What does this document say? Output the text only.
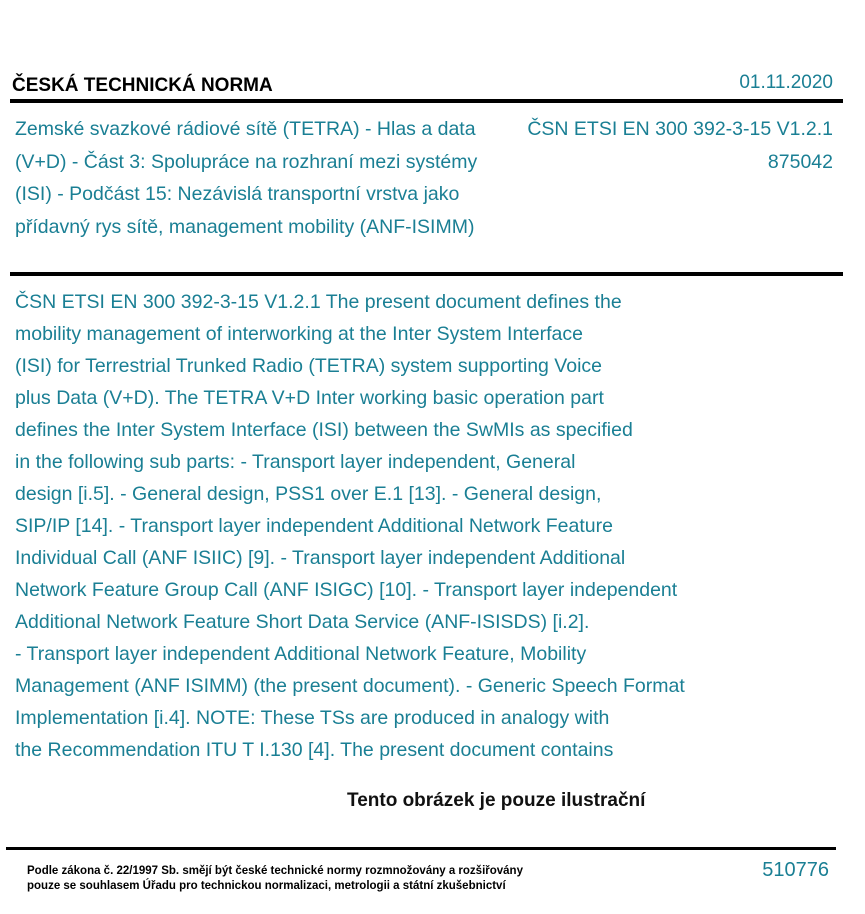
ČESKÁ TECHNICKÁ NORMA	01.11.2020
Zemské svazkové rádiové sítě (TETRA) - Hlas a data (V+D) - Část 3: Spolupráce na rozhraní mezi systémy (ISI) - Podčást 15: Nezávislá transportní vrstva jako přídavný rys sítě, management mobility (ANF-ISIMM)
ČSN ETSI EN 300 392-3-15 V1.2.1
875042
ČSN ETSI EN 300 392-3-15 V1.2.1 The present document defines the
mobility management of interworking at the Inter System Interface
(ISI) for Terrestrial Trunked Radio (TETRA) system supporting Voice
plus Data (V+D). The TETRA V+D Inter working basic operation part
defines the Inter System Interface (ISI) between the SwMIs as specified
in the following sub parts: - Transport layer independent, General
design [i.5]. - General design, PSS1 over E.1 [13]. - General design,
SIP/IP [14]. - Transport layer independent Additional Network Feature
Individual Call (ANF ISIIC) [9]. - Transport layer independent Additional
Network Feature Group Call (ANF ISIGC) [10]. - Transport layer independent
Additional Network Feature Short Data Service (ANF-ISISDS) [i.2].
- Transport layer independent Additional Network Feature, Mobility
Management (ANF ISIMM) (the present document). - Generic Speech Format
Implementation [i.4]. NOTE: These TSs are produced in analogy with
the Recommendation ITU T I.130 [4]. The present document contains
Tento obrázek je pouze ilustrační
Podle zákona č. 22/1997 Sb. smějí být české technické normy rozmnožovány a rozšiřovány
pouze se souhlasem Úřadu pro technickou normalizaci, metrologii a státní zkušebnictví
510776
